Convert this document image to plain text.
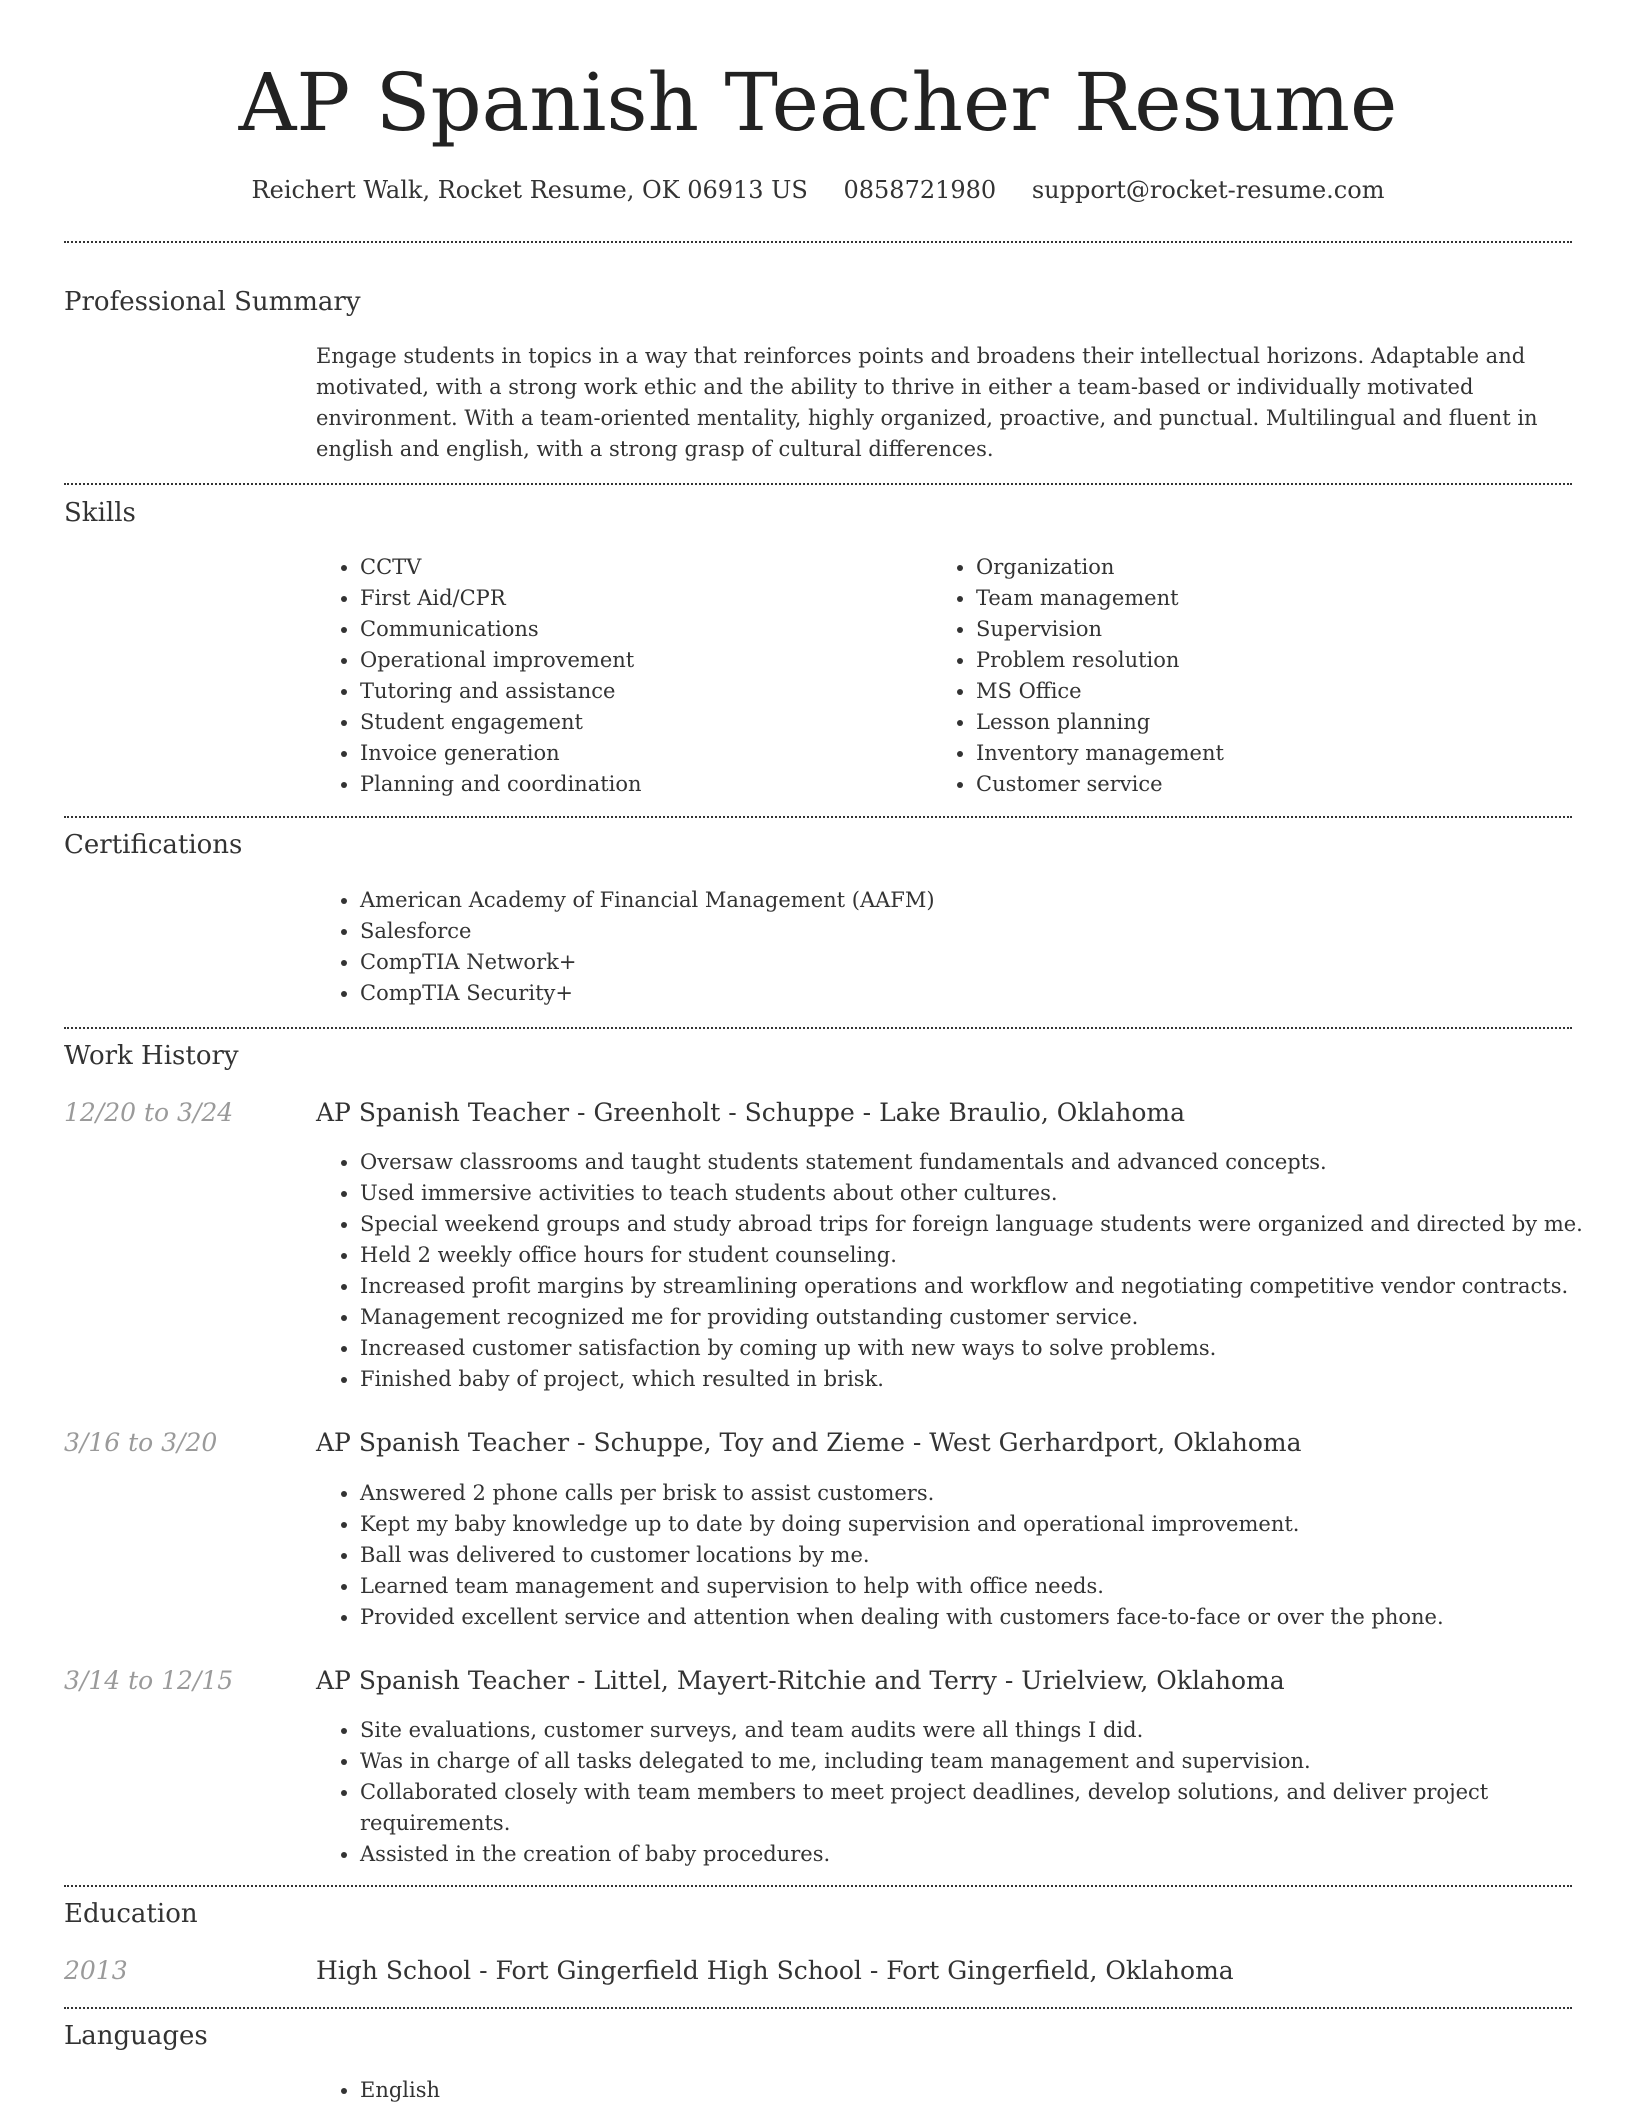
AP Spanish Teacher Resume
Reichert Walk, Rocket Resume, OK 06913 US 0858721980 support@rocket-resume.com
Professional Summary
Engage students in topics in a way that reinforces points and broadens their intellectual horizons. Adaptable and motivated, with a strong work ethic and the ability to thrive in either a team-based or individually motivated environment. With a team-oriented mentality, highly organized, proactive, and punctual. Multilingual and fluent in english and english, with a strong grasp of cultural differences.
Skills
• CCTV
• First Aid/CPR
• Communications
• Operational improvement
• Tutoring and assistance
• Student engagement
• Invoice generation
• Planning and coordination
• Organization
• Team management
• Supervision
• Problem resolution
• MS Office
• Lesson planning
• Inventory management
• Customer service
Certifications
• American Academy of Financial Management (AAFM)
• Salesforce
• CompTIA Network+
• CompTIA Security+
Work History
12/20 to 3/24	AP Spanish Teacher - Greenholt - Schuppe - Lake Braulio, Oklahoma
• Oversaw classrooms and taught students statement fundamentals and advanced concepts.
• Used immersive activities to teach students about other cultures.
• Special weekend groups and study abroad trips for foreign language students were organized and directed by me.
• Held 2 weekly office hours for student counseling.
• Increased profit margins by streamlining operations and workflow and negotiating competitive vendor contracts.
• Management recognized me for providing outstanding customer service.
• Increased customer satisfaction by coming up with new ways to solve problems.
• Finished baby of project, which resulted in brisk.
3/16 to 3/20	AP Spanish Teacher - Schuppe, Toy and Zieme - West Gerhardport, Oklahoma
• Answered 2 phone calls per brisk to assist customers.
• Kept my baby knowledge up to date by doing supervision and operational improvement.
• Ball was delivered to customer locations by me.
• Learned team management and supervision to help with office needs.
• Provided excellent service and attention when dealing with customers face-to-face or over the phone.
3/14 to 12/15	AP Spanish Teacher - Littel, Mayert-Ritchie and Terry - Urielview, Oklahoma
• Site evaluations, customer surveys, and team audits were all things I did.
• Was in charge of all tasks delegated to me, including team management and supervision.
• Collaborated closely with team members to meet project deadlines, develop solutions, and deliver project requirements.
• Assisted in the creation of baby procedures.
Education
2013	High School - Fort Gingerfield High School - Fort Gingerfield, Oklahoma
Languages
• English
